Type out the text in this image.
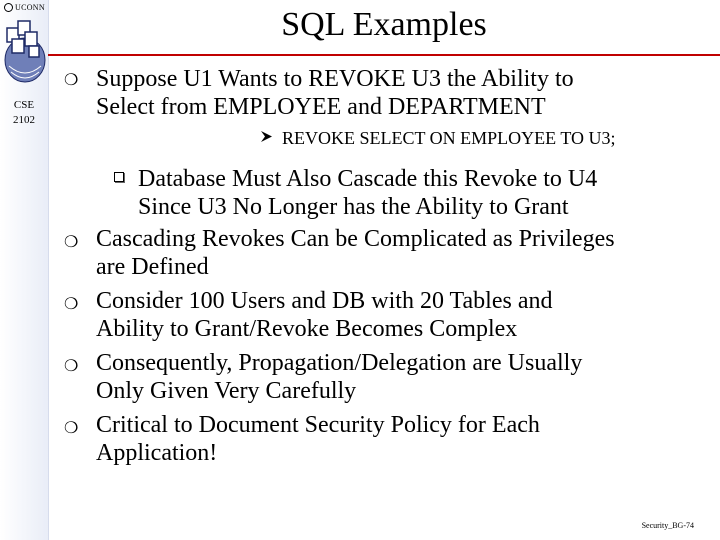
UCONN
CSE
2102
SQL Examples
❍ Suppose U1 Wants to REVOKE U3 the Ability to
Select from EMPLOYEE and DEPARTMENT
REVOKE SELECT ON EMPLOYEE TO U3;
Database Must Also Cascade this Revoke to U4
Since U3 No Longer has the Ability to Grant
❍ Cascading Revokes Can be Complicated as Privileges
are Defined
❍ Consider 100 Users and DB with 20 Tables and
Ability to Grant/Revoke Becomes Complex
❍ Consequently, Propagation/Delegation are Usually
Only Given Very Carefully
❍ Critical to Document Security Policy for Each
Application!
Security_BG-74
